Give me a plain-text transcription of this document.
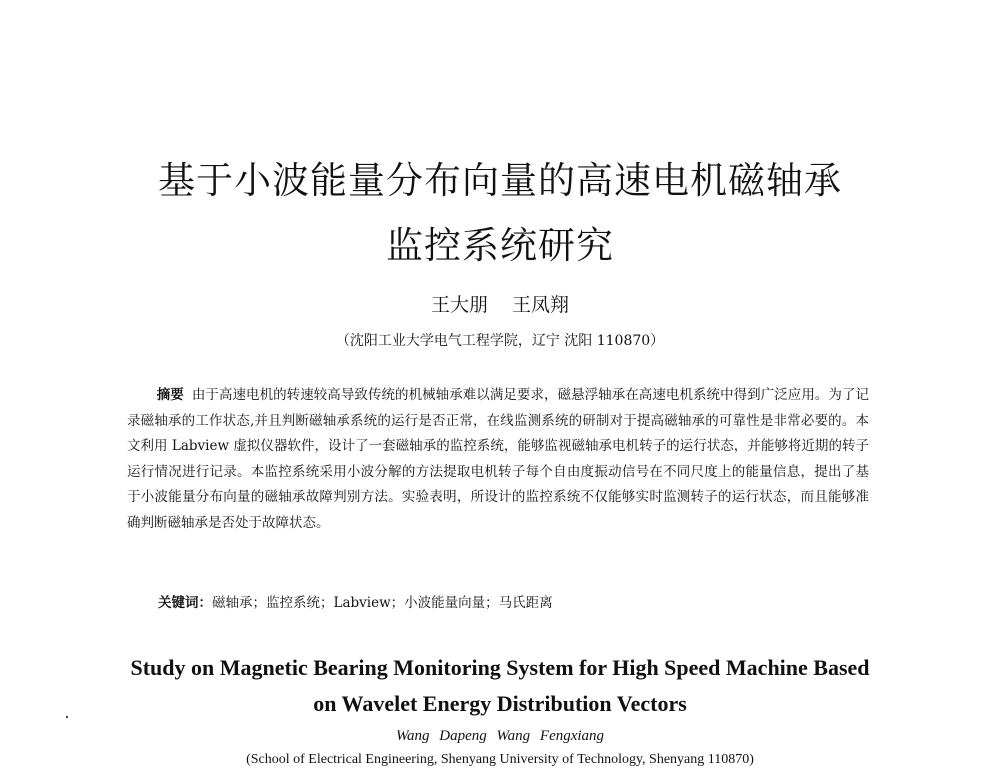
基于小波能量分布向量的高速电机磁轴承
监控系统研究
王大朋 王凤翔
（沈阳工业大学电气工程学院，辽宁 沈阳 110870）
摘要 由于高速电机的转速较高导致传统的机械轴承难以满足要求，磁悬浮轴承在高速电机系统中得到广泛应用。为了记录磁轴承的工作状态,并且判断磁轴承系统的运行是否正常，在线监测系统的研制对于提高磁轴承的可靠性是非常必要的。本文利用 Labview 虚拟仪器软件，设计了一套磁轴承的监控系统，能够监视磁轴承电机转子的运行状态，并能够将近期的转子运行情况进行记录。本监控系统采用小波分解的方法提取电机转子每个自由度振动信号在不同尺度上的能量信息，提出了基于小波能量分布向量的磁轴承故障判别方法。实验表明，所设计的监控系统不仅能够实时监测转子的运行状态，而且能够准确判断磁轴承是否处于故障状态。
关键词：磁轴承；监控系统；Labview；小波能量向量；马氏距离
Study on Magnetic Bearing Monitoring System for High Speed Machine Based
on Wavelet Energy Distribution Vectors
Wang Dapeng Wang Fengxiang
(School of Electrical Engineering, Shenyang University of Technology, Shenyang 110870)
